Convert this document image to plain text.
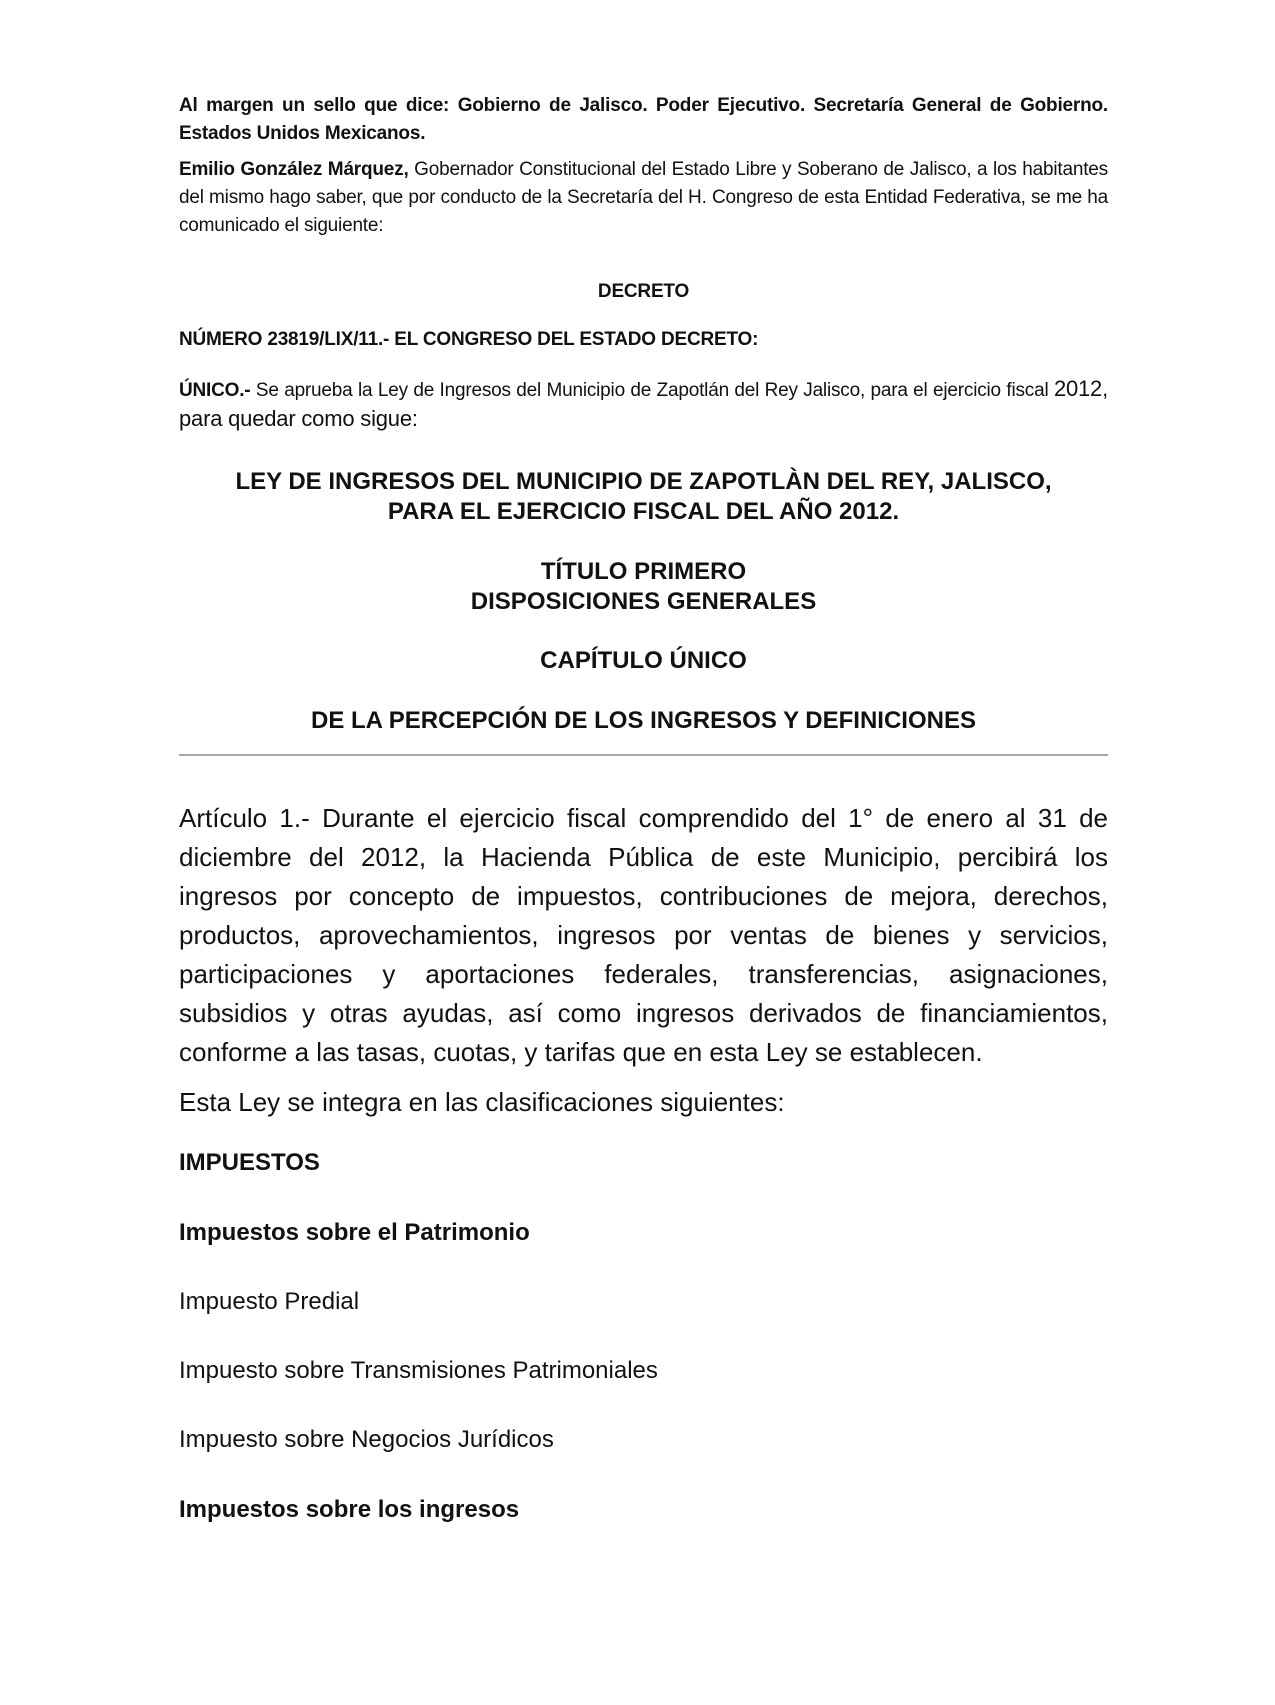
Al margen un sello que dice: Gobierno de Jalisco. Poder Ejecutivo. Secretaría General de Gobierno. Estados Unidos Mexicanos.

Emilio González Márquez, Gobernador Constitucional del Estado Libre y Soberano de Jalisco, a los habitantes del mismo hago saber, que por conducto de la Secretaría del H. Congreso de esta Entidad Federativa, se me ha comunicado el siguiente:

DECRETO

NÚMERO 23819/LIX/11.- EL CONGRESO DEL ESTADO DECRETO:

ÚNICO.- Se aprueba la Ley de Ingresos del Municipio de Zapotlán del Rey Jalisco, para el ejercicio fiscal 2012, para quedar como sigue:

LEY DE INGRESOS DEL MUNICIPIO DE ZAPOTLÀN DEL REY, JALISCO,
PARA EL EJERCICIO FISCAL DEL AÑO 2012.
TÍTULO PRIMERO
DISPOSICIONES GENERALES
CAPÍTULO ÚNICO
DE LA PERCEPCIÓN DE LOS INGRESOS Y DEFINICIONES

Artículo 1.- Durante el ejercicio fiscal comprendido del 1° de enero al 31 de diciembre del 2012, la Hacienda Pública de este Municipio, percibirá los ingresos por concepto de impuestos, contribuciones de mejora, derechos, productos, aprovechamientos, ingresos por ventas de bienes y servicios, participaciones y aportaciones federales, transferencias, asignaciones, subsidios y otras ayudas, así como ingresos derivados de financiamientos, conforme a las tasas, cuotas, y tarifas que en esta Ley se establecen.

Esta Ley se integra en las clasificaciones siguientes:

IMPUESTOS
Impuestos sobre el Patrimonio
Impuesto Predial
Impuesto sobre Transmisiones Patrimoniales
Impuesto sobre Negocios Jurídicos
Impuestos sobre los ingresos
